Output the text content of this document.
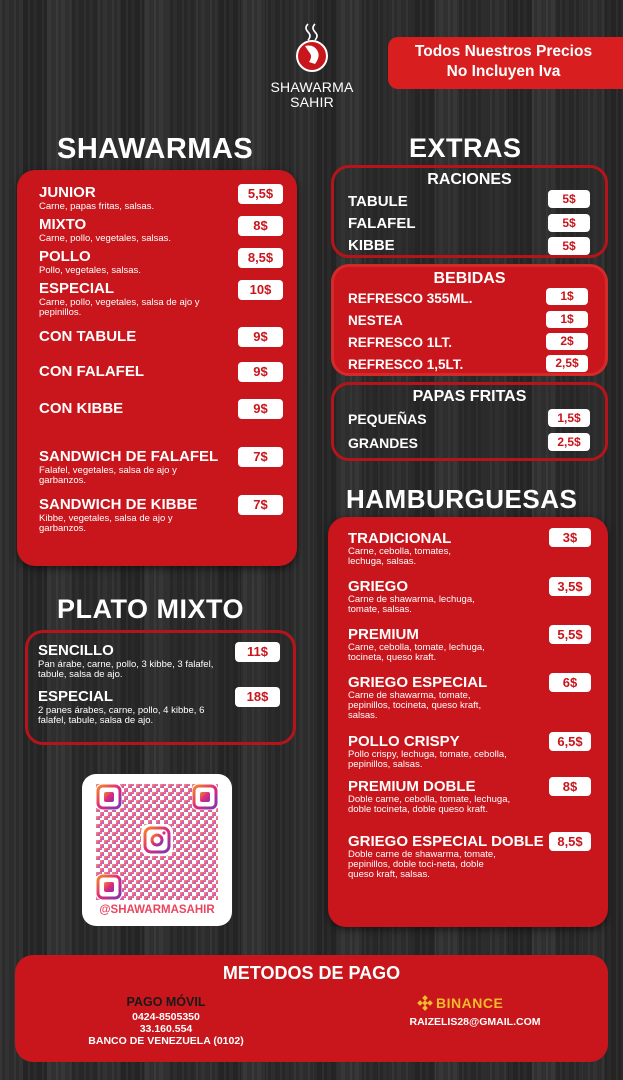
SHAWARMA
SAHIR
Todos Nuestros Precios
No Incluyen Iva
SHAWARMAS
JUNIOR
Carne, papas fritas, salsas.
5,5$
MIXTO
Carne, pollo, vegetales, salsas.
8$
POLLO
Pollo, vegetales, salsas.
8,5$
ESPECIAL
Carne, pollo, vegetales, salsa de ajo y pepinillos.
10$
CON TABULE	9$
CON FALAFEL	9$
CON KIBBE	9$
SANDWICH DE FALAFEL
Falafel, vegetales, salsa de ajo y garbanzos.
7$
SANDWICH DE KIBBE
Kibbe, vegetales, salsa de ajo y garbanzos.
7$
PLATO MIXTO
SENCILLO
Pan árabe, carne, pollo, 3 kibbe, 3 falafel, tabule, salsa de ajo.
11$
ESPECIAL
2 panes árabes, carne, pollo, 4 kibbe, 6 falafel, tabule, salsa de ajo.
18$
@SHAWARMASAHIR
EXTRAS
RACIONES
TABULE	5$
FALAFEL	5$
KIBBE	5$
BEBIDAS
REFRESCO 355ML.	1$
NESTEA	1$
REFRESCO 1LT.	2$
REFRESCO 1,5LT.	2,5$
PAPAS FRITAS
PEQUEÑAS	1,5$
GRANDES	2,5$
HAMBURGUESAS
TRADICIONAL
Carne, cebolla, tomates, lechuga, salsas.
3$
GRIEGO
Carne de shawarma, lechuga, tomate, salsas.
3,5$
PREMIUM
Carne, cebolla, tomate, lechuga, tocineta, queso kraft.
5,5$
GRIEGO ESPECIAL
Carne de shawarma, tomate, pepinillos, tocineta, queso kraft, salsas.
6$
POLLO CRISPY
Pollo crispy, lechuga, tomate, cebolla, pepinillos, salsas.
6,5$
PREMIUM DOBLE
Doble carne, cebolla, tomate, lechuga, doble tocineta, doble queso kraft.
8$
GRIEGO ESPECIAL DOBLE
Doble carne de shawarma, tomate, pepinillos, doble toci-neta, doble queso kraft, salsas.
8,5$
METODOS DE PAGO
PAGO MÓVIL
0424-8505350
33.160.554
BANCO DE VENEZUELA (0102)
BINANCE
RAIZELIS28@GMAIL.COM
